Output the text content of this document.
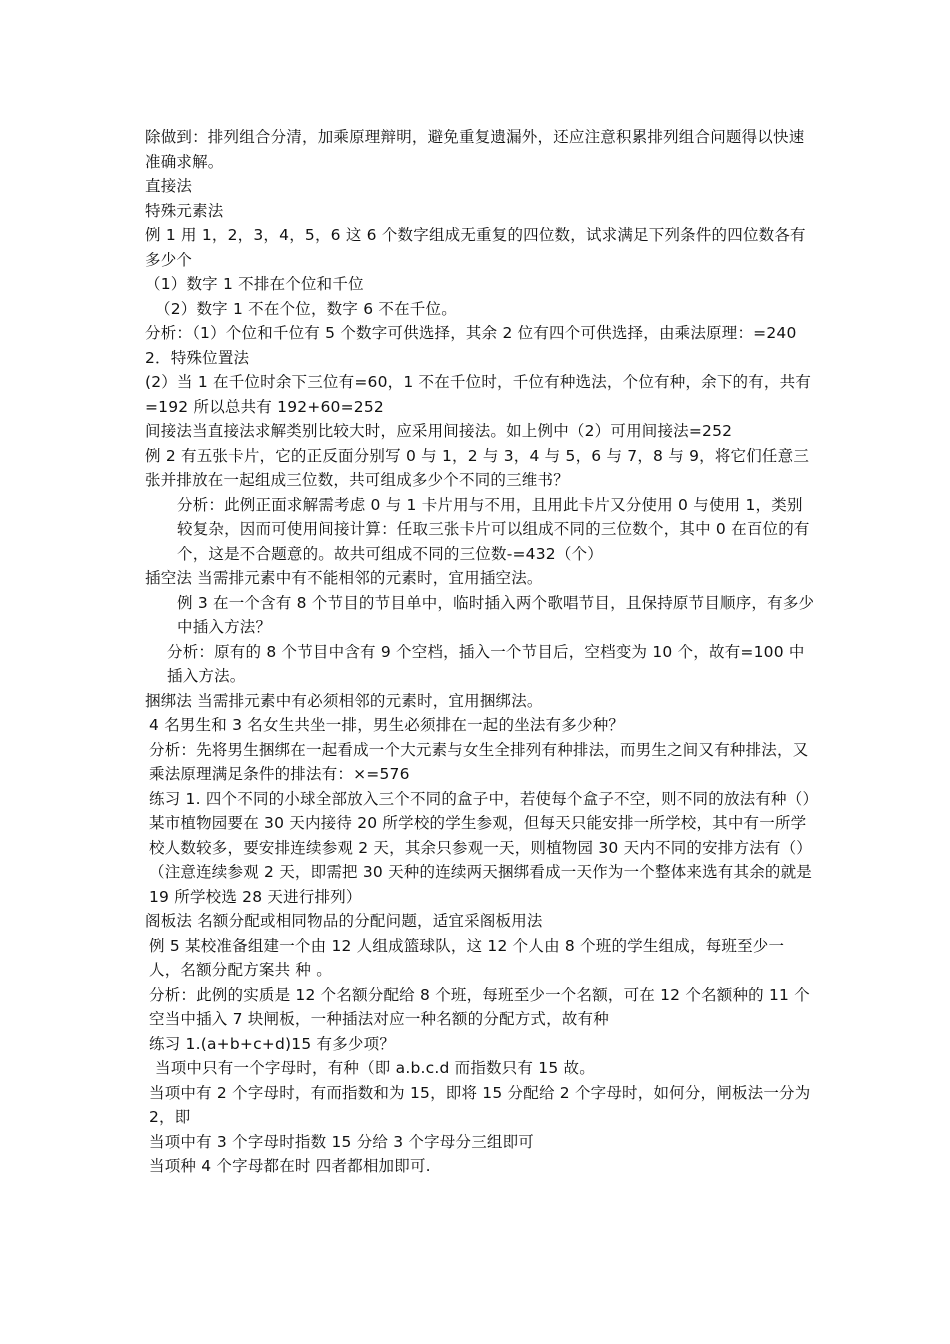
除做到：排列组合分清，加乘原理辩明，避免重复遗漏外，还应注意积累排列组合问题得以快速准确求解。

直接法

特殊元素法

例 1 用 1，2，3，4，5，6 这 6 个数字组成无重复的四位数，试求满足下列条件的四位数各有多少个

（1）数字 1 不排在个位和千位

（2）数字 1 不在个位，数字 6 不在千位。

分析：（1）个位和千位有 5 个数字可供选择，其余 2 位有四个可供选择，由乘法原理：=240

2．特殊位置法

(2）当 1 在千位时余下三位有=60，1 不在千位时，千位有种选法，个位有种，余下的有，共有=192 所以总共有 192+60=252

间接法当直接法求解类别比较大时，应采用间接法。如上例中（2）可用间接法=252

例 2 有五张卡片，它的正反面分别写 0 与 1，2 与 3，4 与 5，6 与 7，8 与 9，将它们任意三张并排放在一起组成三位数，共可组成多少个不同的三维书？

分析：此例正面求解需考虑 0 与 1 卡片用与不用，且用此卡片又分使用 0 与使用 1，类别较复杂，因而可使用间接计算：任取三张卡片可以组成不同的三位数个，其中 0 在百位的有个，这是不合题意的。故共可组成不同的三位数-=432（个）

插空法 当需排元素中有不能相邻的元素时，宜用插空法。

例 3 在一个含有 8 个节目的节目单中，临时插入两个歌唱节目，且保持原节目顺序，有多少中插入方法？

分析：原有的 8 个节目中含有 9 个空档，插入一个节目后，空档变为 10 个，故有=100 中插入方法。

捆绑法 当需排元素中有必须相邻的元素时，宜用捆绑法。

4 名男生和 3 名女生共坐一排，男生必须排在一起的坐法有多少种？

分析：先将男生捆绑在一起看成一个大元素与女生全排列有种排法，而男生之间又有种排法，又乘法原理满足条件的排法有：×=576

练习 1. 四个不同的小球全部放入三个不同的盒子中，若使每个盒子不空，则不同的放法有种（）

某市植物园要在 30 天内接待 20 所学校的学生参观，但每天只能安排一所学校，其中有一所学校人数较多，要安排连续参观 2 天，其余只参观一天，则植物园 30 天内不同的安排方法有（）（注意连续参观 2 天，即需把 30 天种的连续两天捆绑看成一天作为一个整体来选有其余的就是 19 所学校选 28 天进行排列）

阁板法 名额分配或相同物品的分配问题，适宜采阁板用法

例 5 某校准备组建一个由 12 人组成篮球队，这 12 个人由 8 个班的学生组成，每班至少一人，名额分配方案共 种 。

分析：此例的实质是 12 个名额分配给 8 个班，每班至少一个名额，可在 12 个名额种的 11 个空当中插入 7 块闸板，一种插法对应一种名额的分配方式，故有种

练习 1.(a+b+c+d)15 有多少项？

当项中只有一个字母时，有种（即 a.b.c.d 而指数只有 15 故。

当项中有 2 个字母时，有而指数和为 15，即将 15 分配给 2 个字母时，如何分，闸板法一分为 2，即

当项中有 3 个字母时指数 15 分给 3 个字母分三组即可

当项种 4 个字母都在时 四者都相加即可.
